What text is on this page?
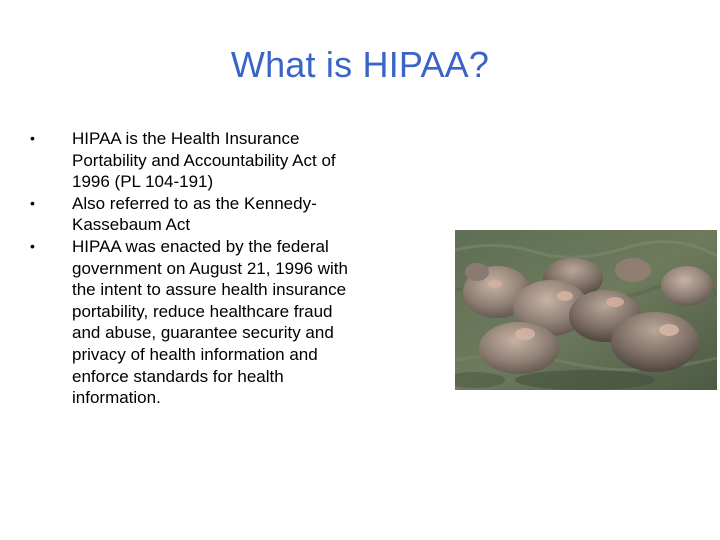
What is HIPAA?
• HIPAA is the Health Insurance Portability and Accountability Act of 1996 (PL 104-191)
• Also referred to as the Kennedy-Kassebaum Act
• HIPAA was enacted by the federal government on August 21, 1996 with the intent to assure health insurance portability, reduce healthcare fraud and abuse, guarantee security and privacy of health information and enforce standards for health information.
